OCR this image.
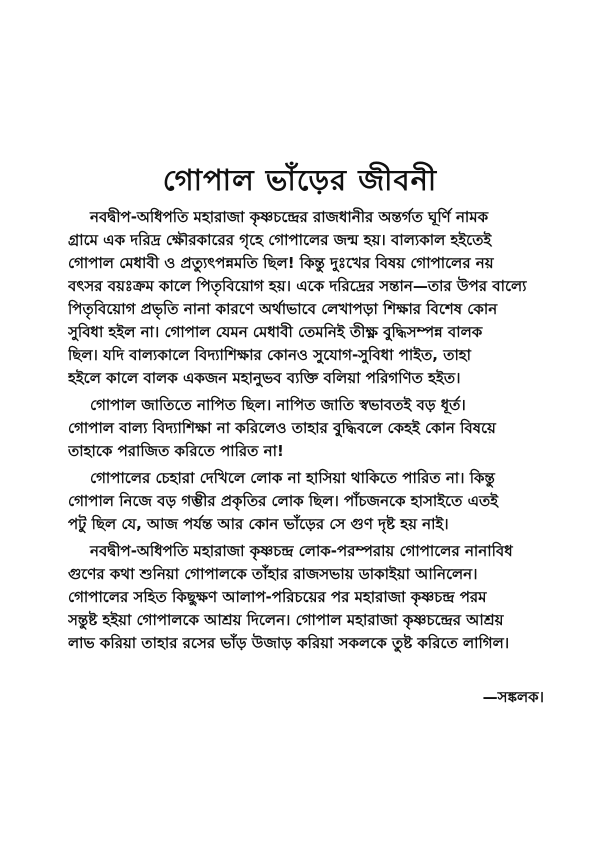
গোপাল ভাঁড়ের জীবনী
নবদ্বীপ-অধিপতি মহারাজা কৃষ্ণচন্দ্রের রাজধানীর অন্তর্গত ঘূর্ণি নামক
গ্রামে এক দরিদ্র ক্ষৌরকারের গৃহে গোপালের জন্ম হয়। বাল্যকাল হইতেই
গোপাল মেধাবী ও প্রত্যুৎপন্নমতি ছিল! কিন্তু দুঃখের বিষয় গোপালের নয়
বৎসর বয়ঃক্রম কালে পিতৃবিয়োগ হয়। একে দরিদ্রের সন্তান—তার উপর বাল্যে
পিতৃবিয়োগ প্রভৃতি নানা কারণে অর্থাভাবে লেখাপড়া শিক্ষার বিশেষ কোন
সুবিধা হইল না। গোপাল যেমন মেধাবী তেমনিই তীক্ষ্ণ বুদ্ধিসম্পন্ন বালক
ছিল। যদি বাল্যকালে বিদ্যাশিক্ষার কোনও সুযোগ-সুবিধা পাইত, তাহা
হইলে কালে বালক একজন মহানুভব ব্যক্তি বলিয়া পরিগণিত হইত।
গোপাল জাতিতে নাপিত ছিল। নাপিত জাতি স্বভাবতই বড় ধূর্ত।
গোপাল বাল্য বিদ্যাশিক্ষা না করিলেও তাহার বুদ্ধিবলে কেহই কোন বিষয়ে
তাহাকে পরাজিত করিতে পারিত না!
গোপালের চেহারা দেখিলে লোক না হাসিয়া থাকিতে পারিত না। কিন্তু
গোপাল নিজে বড় গম্ভীর প্রকৃতির লোক ছিল। পাঁচজনকে হাসাইতে এতই
পটু ছিল যে, আজ পর্যন্ত আর কোন ভাঁড়ের সে গুণ দৃষ্ট হয় নাই।
নবদ্বীপ-অধিপতি মহারাজা কৃষ্ণচন্দ্র লোক-পরম্পরায় গোপালের নানাবিধ
গুণের কথা শুনিয়া গোপালকে তাঁহার রাজসভায় ডাকাইয়া আনিলেন।
গোপালের সহিত কিছুক্ষণ আলাপ-পরিচয়ের পর মহারাজা কৃষ্ণচন্দ্র পরম
সন্তুষ্ট হইয়া গোপালকে আশ্রয় দিলেন। গোপাল মহারাজা কৃষ্ণচন্দ্রের আশ্রয়
লাভ করিয়া তাহার রসের ভাঁড় উজাড় করিয়া সকলকে তুষ্ট করিতে লাগিল।
—সঙ্কলক।
